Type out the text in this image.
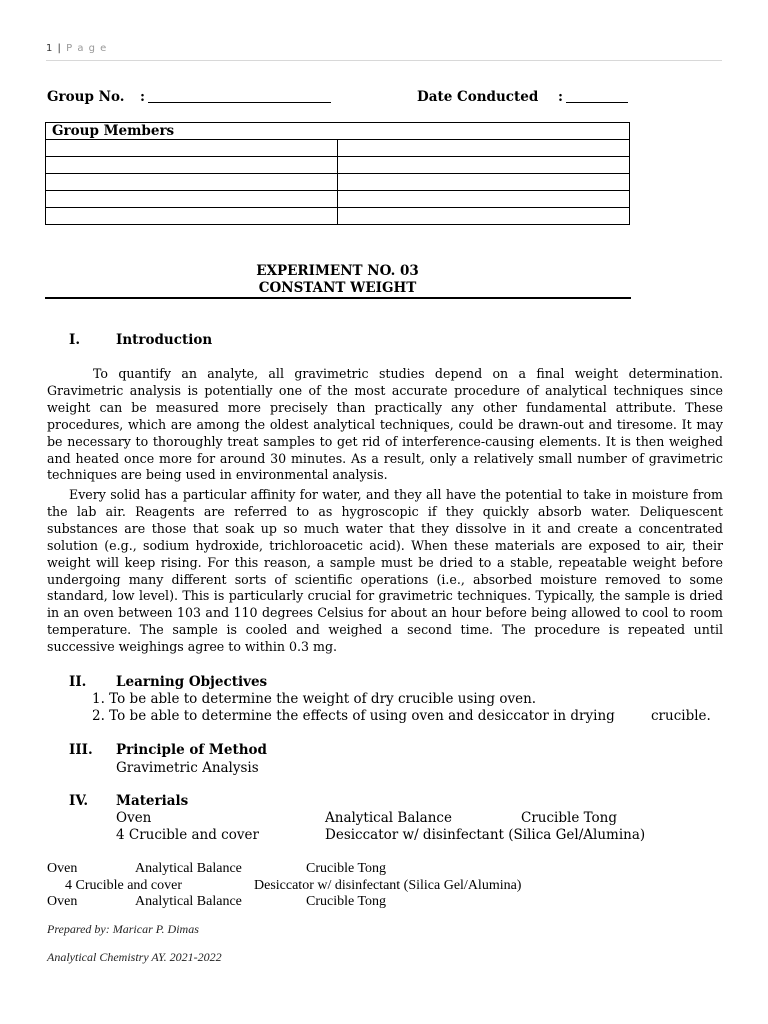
1 | P a g e
Group No. :	Date Conducted :
Group Members	

EXPERIMENT NO. 03
CONSTANT WEIGHT
I.	Introduction
To quantify an analyte, all gravimetric studies depend on a final weight determination. Gravimetric analysis is potentially one of the most accurate procedure of analytical techniques since weight can be measured more precisely than practically any other fundamental attribute. These procedures, which are among the oldest analytical techniques, could be drawn-out and tiresome. It may be necessary to thoroughly treat samples to get rid of interference-causing elements. It is then weighed and heated once more for around 30 minutes. As a result, only a relatively small number of gravimetric techniques are being used in environmental analysis.
Every solid has a particular affinity for water, and they all have the potential to take in moisture from the lab air. Reagents are referred to as hygroscopic if they quickly absorb water. Deliquescent substances are those that soak up so much water that they dissolve in it and create a concentrated solution (e.g., sodium hydroxide, trichloroacetic acid). When these materials are exposed to air, their weight will keep rising. For this reason, a sample must be dried to a stable, repeatable weight before undergoing many different sorts of scientific operations (i.e., absorbed moisture removed to some standard, low level). This is particularly crucial for gravimetric techniques. Typically, the sample is dried in an oven between 103 and 110 degrees Celsius for about an hour before being allowed to cool to room temperature. The sample is cooled and weighed a second time. The procedure is repeated until successive weighings agree to within 0.3 mg.
II. Learning Objectives
1. To be able to determine the weight of dry crucible using oven.
2. To be able to determine the effects of using oven and desiccator in drying	crucible.
III. Principle of Method
Gravimetric Analysis
IV. Materials
Oven	Analytical Balance	Crucible Tong
4 Crucible and cover	Desiccator w/ disinfectant (Silica Gel/Alumina)
Oven	Analytical Balance	Crucible Tong
4 Crucible and cover	Desiccator w/ disinfectant (Silica Gel/Alumina)
Oven	Analytical Balance	Crucible Tong
Prepared by: Maricar P. Dimas
Analytical Chemistry AY. 2021-2022
